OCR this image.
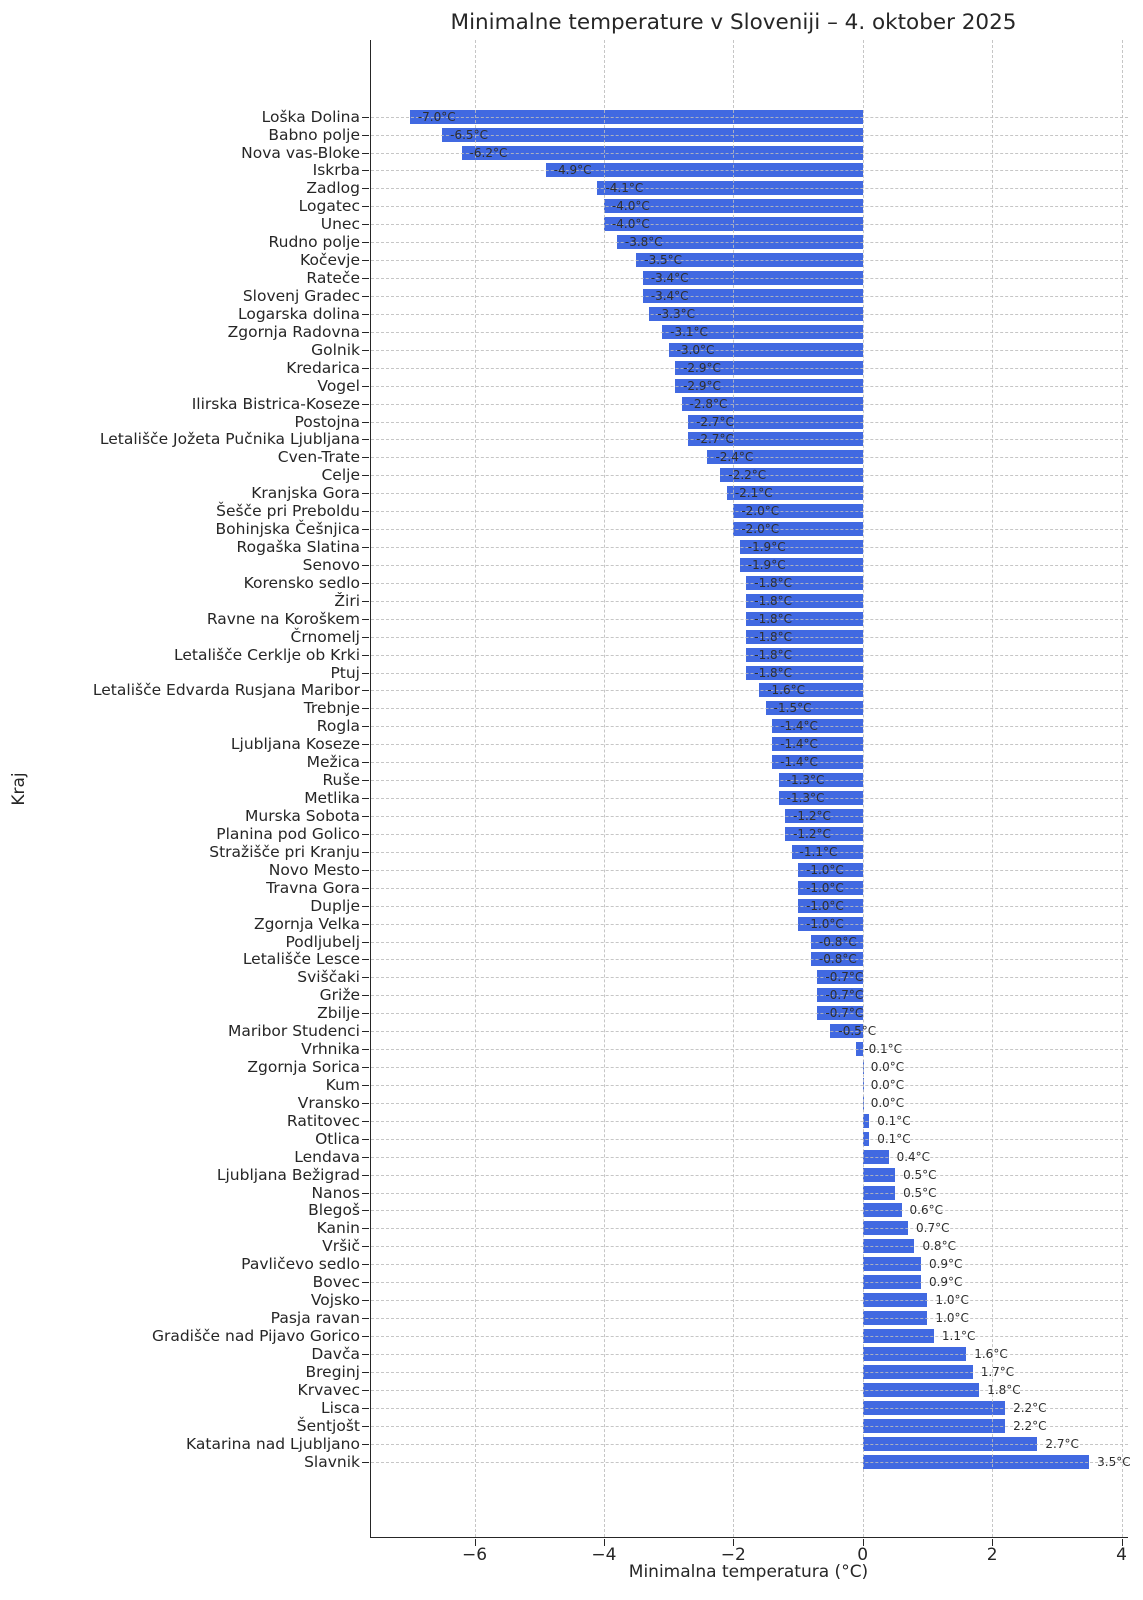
Minimalne temperature v Sloveniji – 4. oktober 2025
Kraj
−6	−4	−2	0	2	4
Loška Dolina	-7.0°C
Babno polje	-6.5°C
Nova vas-Bloke	-6.2°C
Iskrba	-4.9°C
Zadlog	-4.1°C
Logatec	-4.0°C
Unec	-4.0°C
Rudno polje	-3.8°C
Kočevje	-3.5°C
Rateče	-3.4°C
Slovenj Gradec	-3.4°C
Logarska dolina	-3.3°C
Zgornja Radovna	-3.1°C
Golnik	-3.0°C
Kredarica	-2.9°C
Vogel	-2.9°C
Ilirska Bistrica-Koseze	-2.8°C
Postojna	-2.7°C
Letališče Jožeta Pučnika Ljubljana	-2.7°C
Cven-Trate	-2.4°C
Celje	-2.2°C
Kranjska Gora	-2.1°C
Šešče pri Preboldu	-2.0°C
Bohinjska Češnjica	-2.0°C
Rogaška Slatina	-1.9°C
Senovo	-1.9°C
Korensko sedlo	-1.8°C
Žiri	-1.8°C
Ravne na Koroškem	-1.8°C
Črnomelj	-1.8°C
Letališče Cerklje ob Krki	-1.8°C
Ptuj	-1.8°C
Letališče Edvarda Rusjana Maribor	-1.6°C
Trebnje	-1.5°C
Rogla	-1.4°C
Ljubljana Koseze	-1.4°C
Mežica	-1.4°C
Ruše	-1.3°C
Metlika	-1.3°C
Murska Sobota	-1.2°C
Planina pod Golico	-1.2°C
Stražišče pri Kranju	-1.1°C
Novo Mesto	-1.0°C
Travna Gora	-1.0°C
Duplje	-1.0°C
Zgornja Velka	-1.0°C
Podljubelj	-0.8°C
Letališče Lesce	-0.8°C
Sviščaki	-0.7°C
Griže	-0.7°C
Zbilje	-0.7°C
Maribor Studenci	-0.5°C
Vrhnika	-0.1°C
Zgornja Sorica	0.0°C
Kum	0.0°C
Vransko	0.0°C
Ratitovec	0.1°C
Otlica	0.1°C
Lendava	0.4°C
Ljubljana Bežigrad	0.5°C
Nanos	0.5°C
Blegoš	0.6°C
Kanin	0.7°C
Vršič	0.8°C
Pavličevo sedlo	0.9°C
Bovec	0.9°C
Vojsko	1.0°C
Pasja ravan	1.0°C
Gradišče nad Pijavo Gorico	1.1°C
Davča	1.6°C
Breginj	1.7°C
Krvavec	1.8°C
Lisca	2.2°C
Šentjošt	2.2°C
Katarina nad Ljubljano	2.7°C
Slavnik	3.5°C
Minimalna temperatura (°C)
